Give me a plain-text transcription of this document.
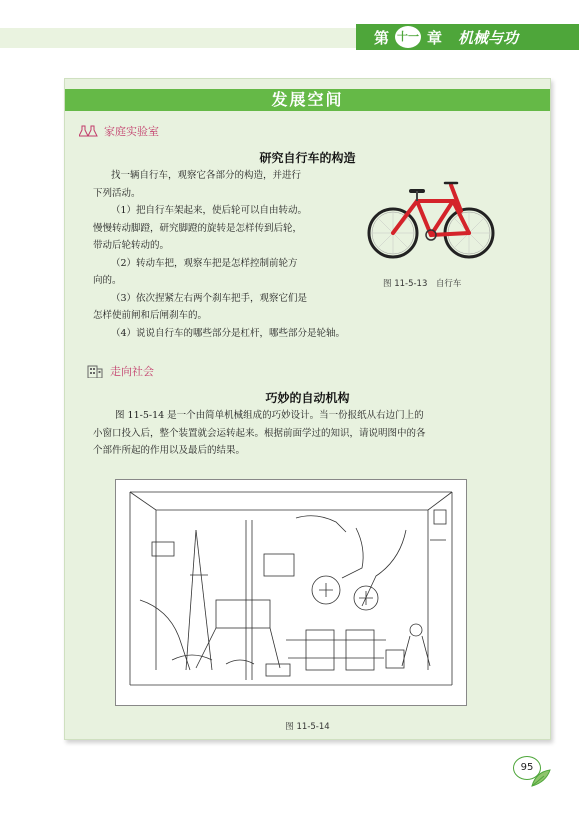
第 十一 章 机械与功
发展空间
家庭实验室
研究自行车的构造
找一辆自行车，观察它各部分的构造，并进行
下列活动。
（1）把自行车架起来，使后轮可以自由转动。
慢慢转动脚蹬，研究脚蹬的旋转是怎样传到后轮，
带动后轮转动的。
（2）转动车把，观察车把是怎样控制前轮方
向的。
（3）依次捏紧左右两个刹车把手，观察它们是
怎样使前闸和后闸刹车的。
（4）说说自行车的哪些部分是杠杆，哪些部分是轮轴。
图 11-5-13　自行车
走向社会
巧妙的自动机构
图 11-5-14 是一个由简单机械组成的巧妙设计。当一份报纸从右边门上的
小窗口投入后，整个装置就会运转起来。根据前面学过的知识，请说明图中的各
个部件所起的作用以及最后的结果。
图 11-5-14
95
